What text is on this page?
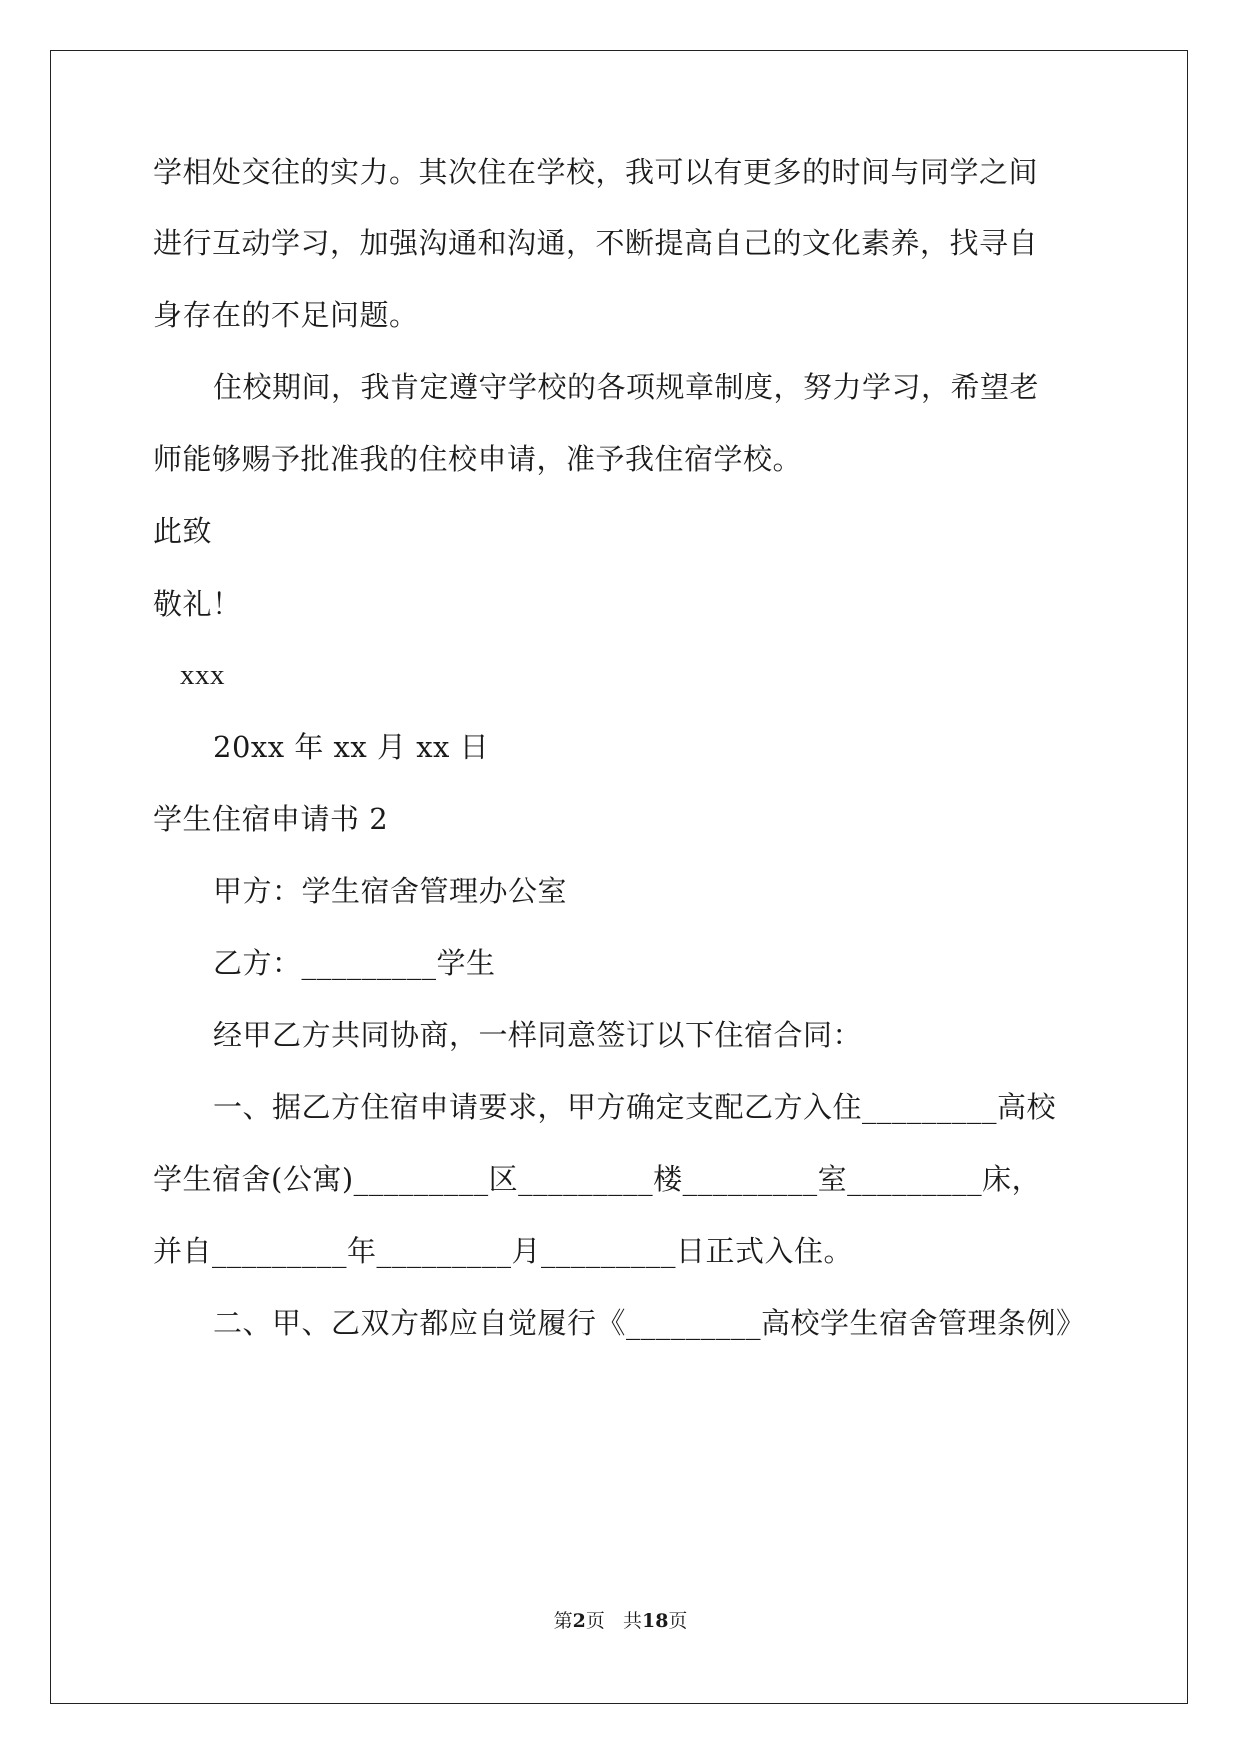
学相处交往的实力。其次住在学校，我可以有更多的时间与同学之间
进行互动学习，加强沟通和沟通，不断提高自己的文化素养，找寻自
身存在的不足问题。
住校期间，我肯定遵守学校的各项规章制度，努力学习，希望老
师能够赐予批准我的住校申请，准予我住宿学校。
此致
敬礼！
xxx
20xx 年 xx 月 xx 日
学生住宿申请书 2
甲方：学生宿舍管理办公室
乙方：_________学生
经甲乙方共同协商，一样同意签订以下住宿合同：
一、据乙方住宿申请要求，甲方确定支配乙方入住_________高校
学生宿舍(公寓)_________区_________楼_________室_________床，
并自_________年_________月_________日正式入住。
二、甲、乙双方都应自觉履行《_________高校学生宿舍管理条例》
第2页 共18页
